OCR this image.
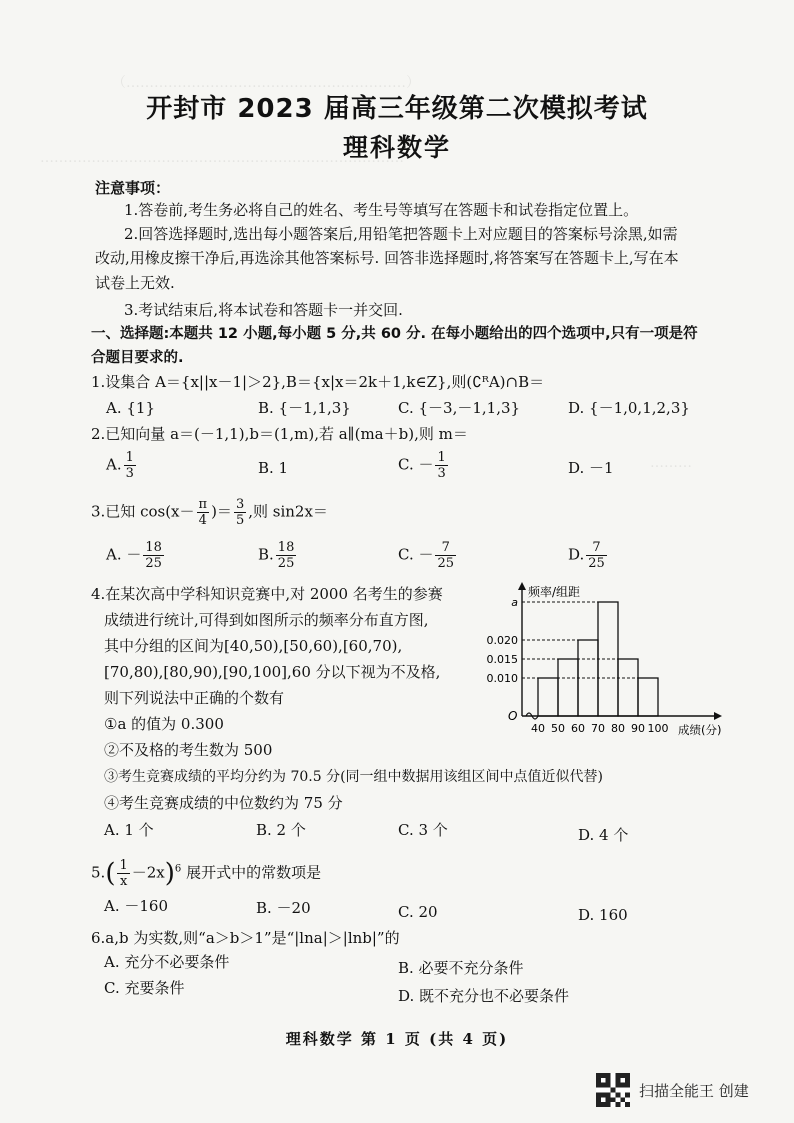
（……………………………………………………）
……………………………………………………………………
………
开封市 2023 届高三年级第二次模拟考试
理科数学
注意事项：
1.答卷前,考生务必将自己的姓名、考生号等填写在答题卡和试卷指定位置上。
2.回答选择题时,选出每小题答案后,用铅笔把答题卡上对应题目的答案标号涂黑,如需
改动,用橡皮擦干净后,再选涂其他答案标号. 回答非选择题时,将答案写在答题卡上,写在本
试卷上无效.
3.考试结束后,将本试卷和答题卡一并交回.
一、选择题:本题共 12 小题,每小题 5 分,共 60 分. 在每小题给出的四个选项中,只有一项是符
合题目要求的.
1.设集合 A＝{x||x－1|＞2},B＝{x|x＝2k＋1,k∈Z},则(∁ᴿA)∩B＝
A. {1}	B. {－1,1,3}	C. {－3,－1,1,3}	D. {－1,0,1,2,3}
2.已知向量 a＝(－1,1),b＝(1,m),若 a∥(ma＋b),则 m＝
A. $\frac{1}{3}$	B. 1	C. － $\frac{1}{3}$	D. －1
3.已知 $\cos(x- \frac{\pi}{4}$ )＝ $\frac{3}{5}$ ,则 sin2x＝
A. － $\frac{18}{25}$	B. $\frac{18}{25}$	C. － $\frac{7}{25}$	D. $\frac{7}{25}$
4.在某次高中学科知识竞赛中,对 2000 名考生的参赛
成绩进行统计,可得到如图所示的频率分布直方图,
其中分组的区间为[40,50),[50,60),[60,70),
[70,80),[80,90),[90,100],60 分以下视为不及格,
则下列说法中正确的个数有
①a 的值为 0.300
②不及格的考生数为 500
③考生竞赛成绩的平均分约为 70.5 分(同一组中数据用该组区间中点值近似代替)
④考生竞赛成绩的中位数约为 75 分
A. 1 个	B. 2 个	C. 3 个	D. 4 个
频率/组距
成绩(分)
O
a
0.020
0.015
0.010
40 50 60 70 80 90 100
$5.( \frac{1}{x} -2x)^6$ 展开式中的常数项是
A. －160	B. －20	C. 20	D. 160
6.a,b 为实数,则“a＞b＞1”是“|lna|＞|lnb|”的
A. 充分不必要条件	B. 必要不充分条件
C. 充要条件	D. 既不充分也不必要条件
理科数学 第 1 页 (共 4 页)
扫描全能王 创建
